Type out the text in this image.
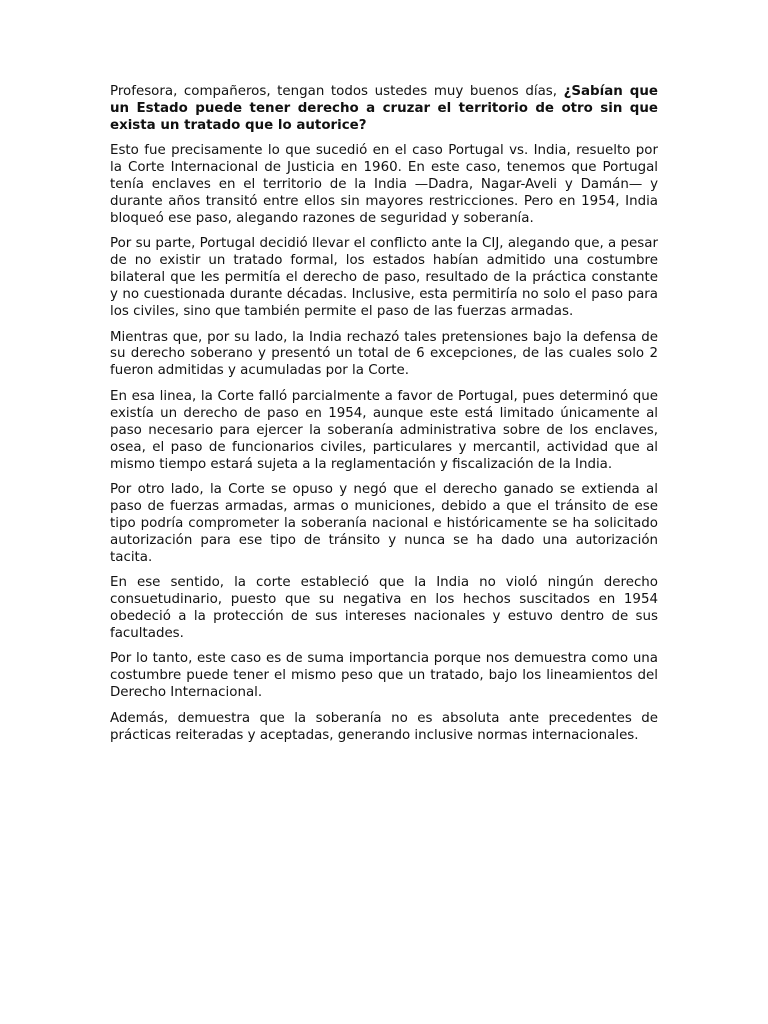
Profesora, compañeros, tengan todos ustedes muy buenos días, ¿Sabían que un Estado puede tener derecho a cruzar el territorio de otro sin que exista un tratado que lo autorice?

Esto fue precisamente lo que sucedió en el caso Portugal vs. India, resuelto por la Corte Internacional de Justicia en 1960. En este caso, tenemos que Portugal tenía enclaves en el territorio de la India —Dadra, Nagar-Aveli y Damán— y durante años transitó entre ellos sin mayores restricciones. Pero en 1954, India bloqueó ese paso, alegando razones de seguridad y soberanía.

Por su parte, Portugal decidió llevar el conflicto ante la CIJ, alegando que, a pesar de no existir un tratado formal, los estados habían admitido una costumbre bilateral que les permitía el derecho de paso, resultado de la práctica constante y no cuestionada durante décadas. Inclusive, esta permitiría no solo el paso para los civiles, sino que también permite el paso de las fuerzas armadas.

Mientras que, por su lado, la India rechazó tales pretensiones bajo la defensa de su derecho soberano y presentó un total de 6 excepciones, de las cuales solo 2 fueron admitidas y acumuladas por la Corte.

En esa linea, la Corte falló parcialmente a favor de Portugal, pues determinó que existía un derecho de paso en 1954, aunque este está limitado únicamente al paso necesario para ejercer la soberanía administrativa sobre de los enclaves, osea, el paso de funcionarios civiles, particulares y mercantil, actividad que al mismo tiempo estará sujeta a la reglamentación y fiscalización de la India.

Por otro lado, la Corte se opuso y negó que el derecho ganado se extienda al paso de fuerzas armadas, armas o municiones, debido a que el tránsito de ese tipo podría comprometer la soberanía nacional e históricamente se ha solicitado autorización para ese tipo de tránsito y nunca se ha dado una autorización tacita.

En ese sentido, la corte estableció que la India no violó ningún derecho consuetudinario, puesto que su negativa en los hechos suscitados en 1954 obedeció a la protección de sus intereses nacionales y estuvo dentro de sus facultades.

Por lo tanto, este caso es de suma importancia porque nos demuestra como una costumbre puede tener el mismo peso que un tratado, bajo los lineamientos del Derecho Internacional.

Además, demuestra que la soberanía no es absoluta ante precedentes de prácticas reiteradas y aceptadas, generando inclusive normas internacionales.
